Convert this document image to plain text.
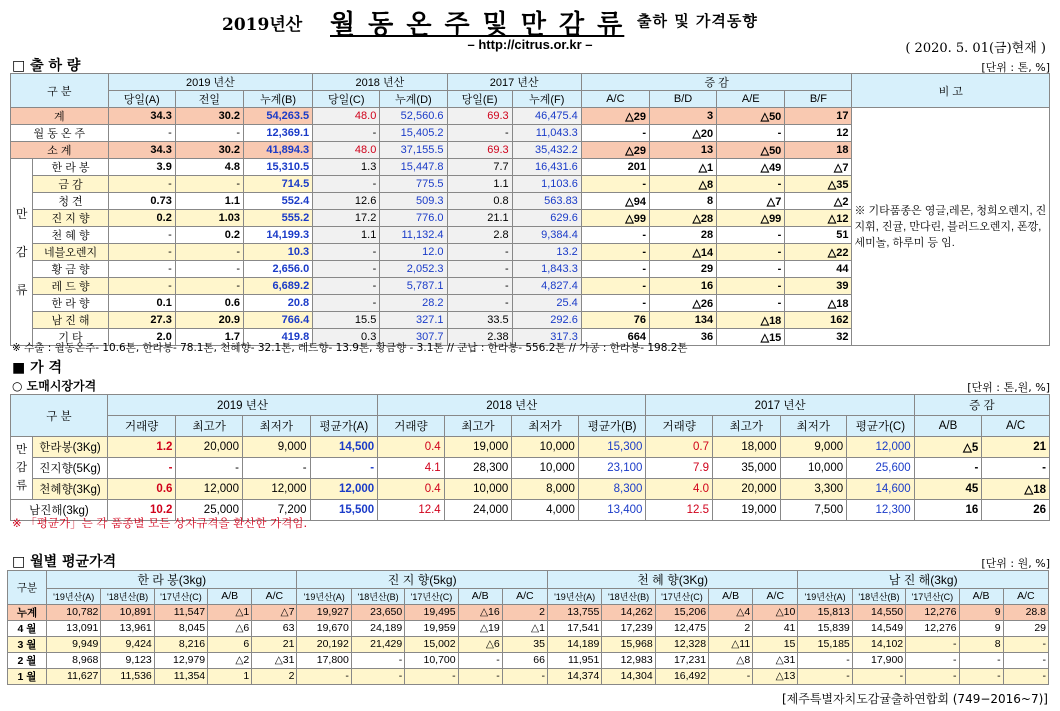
2019년산 월 동 온 주 및 만 감 류 출하 및 가격동향
– http://citrus.or.kr –	( 2020. 5. 01(금)현재 )
□ 출 하 량	[단위 : 톤, %]
구 분		2019 년산			2018 년산		2017 년산		증 감				비 고
		당일(A)	전일	누계(B)	당일(C)	누계(D)	당일(E)	누계(F)	A/C	B/D	A/E	B/F	
계		34.3	30.2	54,263.5	48.0	52,560.6	69.3	46,475.4	△29	3	△50	17	※ 기타품종은 영글,레몬, 청희오렌지, 진지휘, 진귤, 만다린, 블러드오렌지, 폰깡,세미놀, 하루미 등 임.
월 동 온 주		-	-	12,369.1	-	15,405.2	-	11,043.3	-	△20	-	12	
소 계		34.3	30.2	41,894.3	48.0	37,155.5	69.3	35,432.2	△29	13	△50	18	

만
감
류	한 라 봉	3.9	4.8	15,310.5	1.3	15,447.8	7.7	16,431.6	201	△1	△49	△7	
	금 감	-	-	714.5	-	775.5	1.1	1,103.6	-	△8	-	△35	
	청 견	0.73	1.1	552.4	12.6	509.3	0.8	563.83	△94	8	△7	△2	
	진 지 향	0.2	1.03	555.2	17.2	776.0	21.1	629.6	△99	△28	△99	△12	
	천 혜 향	-	0.2	14,199.3	1.1	11,132.4	2.8	9,384.4	-	28	-	51	
	네블오렌지	-	-	10.3	-	12.0	-	13.2	-	△14	-	△22	
	황 금 향	-	-	2,656.0	-	2,052.3	-	1,843.3	-	29	-	44	
	레 드 향	-	-	6,689.2	-	5,787.1	-	4,827.4	-	16	-	39	
	한 라 향	0.1	0.6	20.8	-	28.2	-	25.4	-	△26	-	△18	
	남 진 해	27.3	20.9	766.4	15.5	327.1	33.5	292.6	76	134	△18	162	
	기 타	2.0	1.7	419.8	0.3	307.7	2.38	317.3	664	36	△15	32	
※ 수출 : 월동온주- 10.6톤, 한라봉- 78.1톤, 천혜향- 32.1톤, 레드향- 13.9톤, 황금향 - 3.1톤 // 군납 : 한라봉- 556.2톤 // 가공 : 한라봉- 198.2톤
■ 가 격
○ 도매시장가격	[단위 : 톤,원, %]
구 분		2019 년산				2018 년산				2017 년산				증 감	
		거래량	최고가	최저가	평균가(A)	거래량	최고가	최저가	평균가(B)	거래량	최고가	최저가	평균가(C)	A/B	A/C

만
감
류	한라봉(3Kg)	1.2	20,000	9,000	14,500	0.4	19,000	10,000	15,300	0.7	18,000	9,000	12,000	△5	21
	진지향(5Kg)	-	-	-	-	4.1	28,300	10,000	23,100	7.9	35,000	10,000	25,600	-	-
	천혜향(3Kg)	0.6	12,000	12,000	12,000	0.4	10,000	8,000	8,300	4.0	20,000	3,300	14,600	45	△18
남진해(3kg)		10.2	25,000	7,200	15,500	12.4	24,000	4,000	13,400	12.5	19,000	7,500	12,300	16	26
※ 「평균가」는 각 품종별 모든 상자규격을 환산한 가격임.
□ 월별 평균가격	[단위 : 원, %]
구분	한 라 봉(3kg)					진 지 향(5kg)					천 혜 향(3Kg)					남 진 해(3kg)				
	'19년산(A)	'18년산(B)	'17년산(C)	A/B	A/C	'19년산(A)	'18년산(B)	'17년산(C)	A/B	A/C	'19년산(A)	'18년산(B)	'17년산(C)	A/B	A/C	'19년산(A)	'18년산(B)	'17년산(C)	A/B	A/C
누계	10,782	10,891	11,547	△1	△7	19,927	23,650	19,495	△16	2	13,755	14,262	15,206	△4	△10	15,813	14,550	12,276	9	28.8
4 월	13,091	13,961	8,045	△6	63	19,670	24,189	19,959	△19	△1	17,541	17,239	12,475	2	41	15,839	14,549	12,276	9	29
3 월	9,949	9,424	8,216	6	21	20,192	21,429	15,002	△6	35	14,189	15,968	12,328	△11	15	15,185	14,102	-	8	-
2 월	8,968	9,123	12,979	△2	△31	17,800	-	10,700	-	66	11,951	12,983	17,231	△8	△31	-	17,900	-	-	-
1 월	11,627	11,536	11,354	1	2	-	-	-	-	-	14,374	14,304	16,492	-	△13	-	-	-	-	-
[제주특별자치도감귤출하연합회 (749−2016~7)]
